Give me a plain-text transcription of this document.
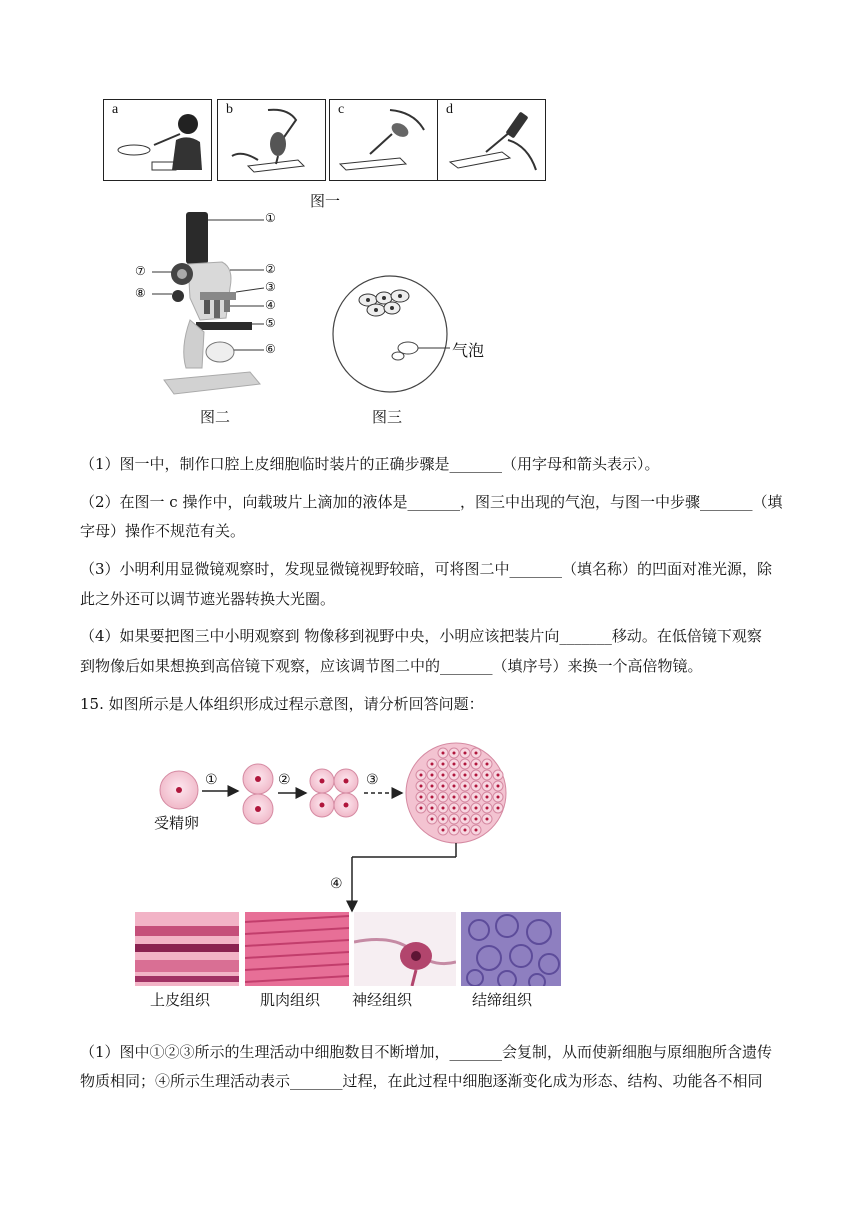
a	b	c	d
图一
①
②
③
④
⑤
⑥
⑦
⑧
图二
气泡
图三
（1）图一中，制作口腔上皮细胞临时装片的正确步骤是_______（用字母和箭头表示）。
（2）在图一 c 操作中，向载玻片上滴加的液体是_______，图三中出现的气泡，与图一中步骤_______（填
字母）操作不规范有关。
（3）小明利用显微镜观察时，发现显微镜视野较暗，可将图二中_______（填名称）的凹面对准光源，除
此之外还可以调节遮光器转换大光圈。
（4）如果要把图三中小明观察到 物像移到视野中央，小明应该把装片向_______移动。在低倍镜下观察
到物像后如果想换到高倍镜下观察，应该调节图二中的_______（填序号）来换一个高倍物镜。
15. 如图所示是人体组织形成过程示意图，请分析回答问题：
①	②	③
④
受精卵
上皮组织	肌肉组织 神经组织	结缔组织
（1）图中①②③所示的生理活动中细胞数目不断增加，_______会复制，从而使新细胞与原细胞所含遗传
物质相同；④所示生理活动表示_______过程，在此过程中细胞逐渐变化成为形态、结构、功能各不相同
